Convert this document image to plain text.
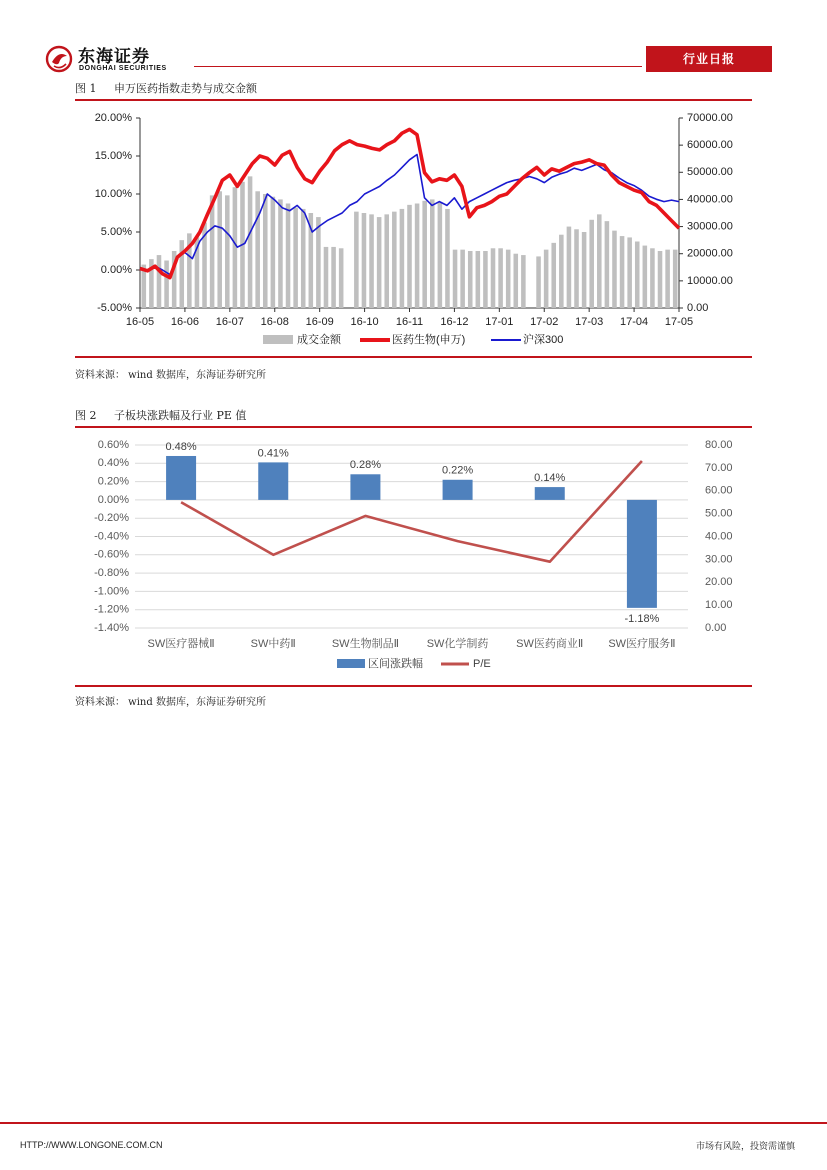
东海证券
DONGHAI SECURITIES
行业日报
图 1 申万医药指数走势与成交金额
20.00%
15.00%
10.00%
5.00%
0.00%
-5.00%
70000.00
60000.00
50000.00
40000.00
30000.00
20000.00
10000.00
0.00
16-05 16-06 16-07 16-08 16-09 16-10 16-11 16-12 17-01 17-02 17-03 17-04 17-05
成交金额	医药生物(申万)	沪深300
资料来源： wind 数据库，东海证券研究所
图 2 子板块涨跌幅及行业 PE 值
0.60%
0.40%
0.20%
0.00%
-0.20%
-0.40%
-0.60%
-0.80%
-1.00%
-1.20%
-1.40%
80.00
70.00
60.00
50.00
40.00
30.00
20.00
10.00
0.00
0.48%
SW医疗器械Ⅱ
0.41%
SW中药Ⅱ
0.28%
SW生物制品Ⅱ
0.22%
SW化学制药
0.14%
SW医药商业Ⅱ
-1.18%
SW医疗服务Ⅱ
区间涨跌幅	P/E
资料来源： wind 数据库，东海证券研究所
HTTP://WWW.LONGONE.COM.CN	市场有风险，投资需谨慎
